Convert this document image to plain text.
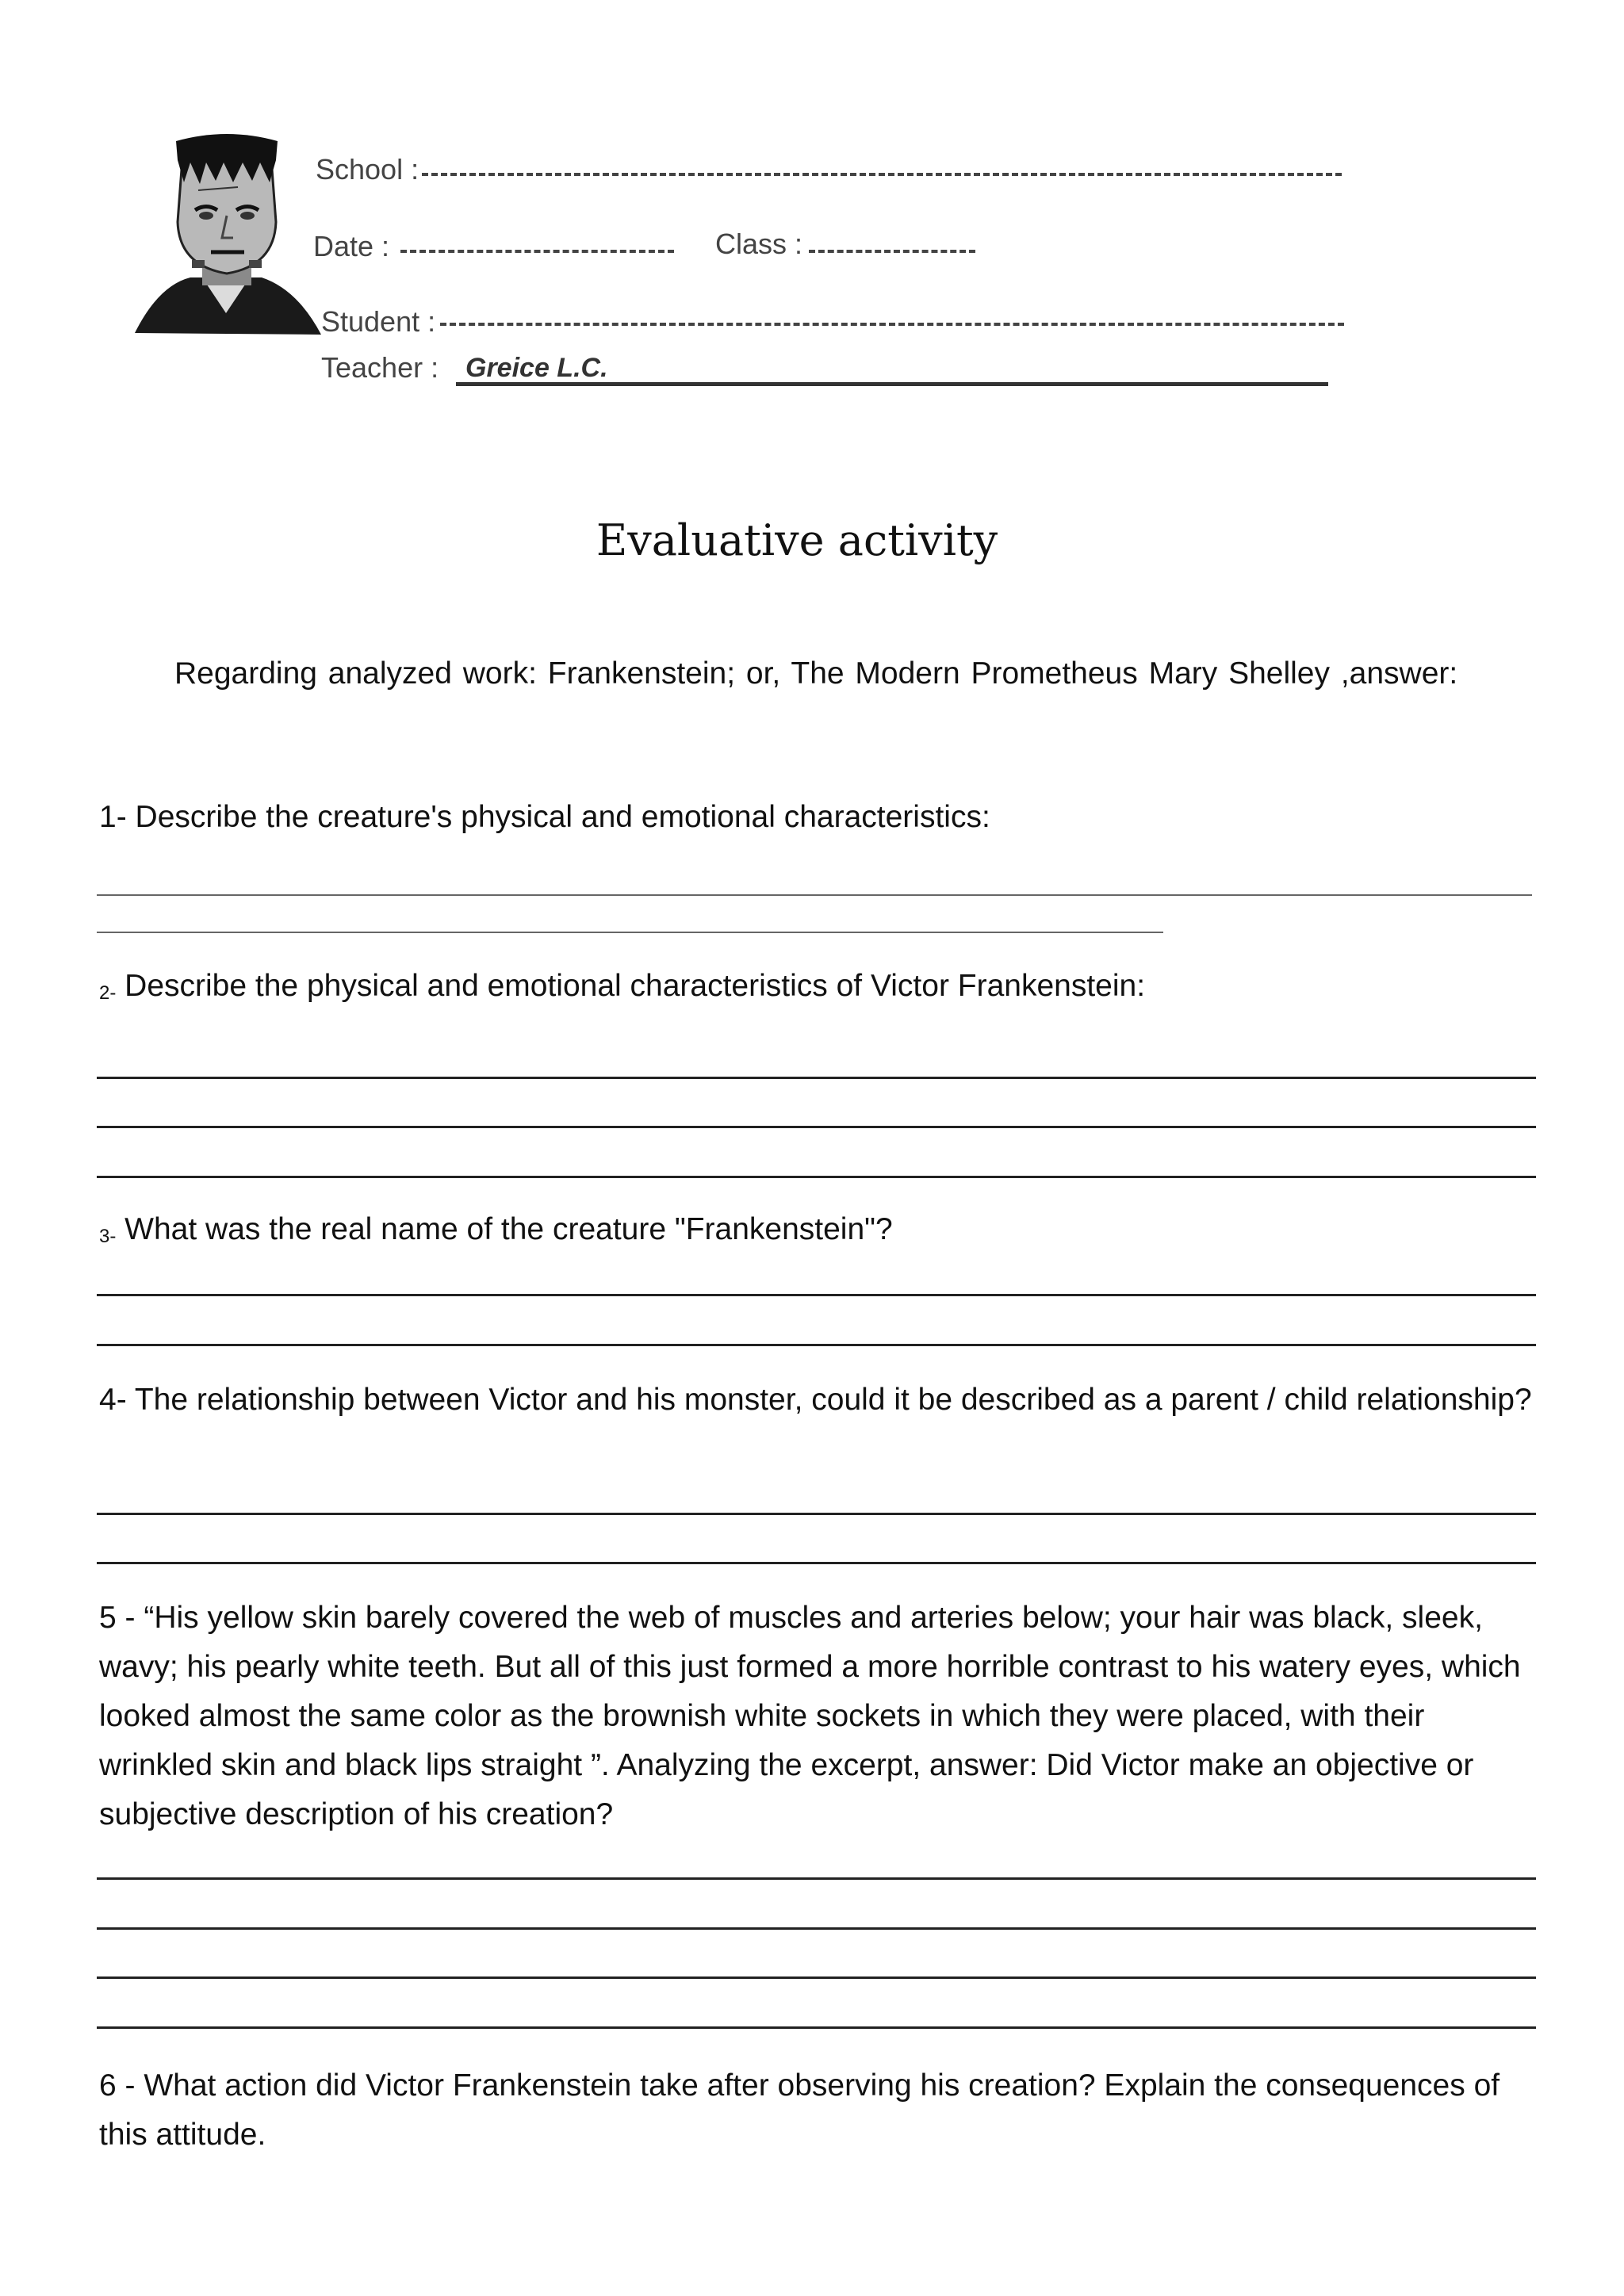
School :
Date :	Class :
Student :
Teacher : Greice L.C.
Evaluative activity
Regarding analyzed work: Frankenstein; or, The Modern Prometheus Mary Shelley ,answer:
1- Describe the creature's physical and emotional characteristics:
2- Describe the physical and emotional characteristics of Victor Frankenstein:
3- What was the real name of the creature "Frankenstein"?
4- The relationship between Victor and his monster, could it be described as a parent / child relationship?
5 - “His yellow skin barely covered the web of muscles and arteries below; your hair was black, sleek, wavy; his pearly white teeth. But all of this just formed a more horrible contrast to his watery eyes, which looked almost the same color as the brownish white sockets in which they were placed, with their wrinkled skin and black lips straight ”. Analyzing the excerpt, answer: Did Victor make an objective or subjective description of his creation?
6 - What action did Victor Frankenstein take after observing his creation? Explain the consequences of this attitude.
